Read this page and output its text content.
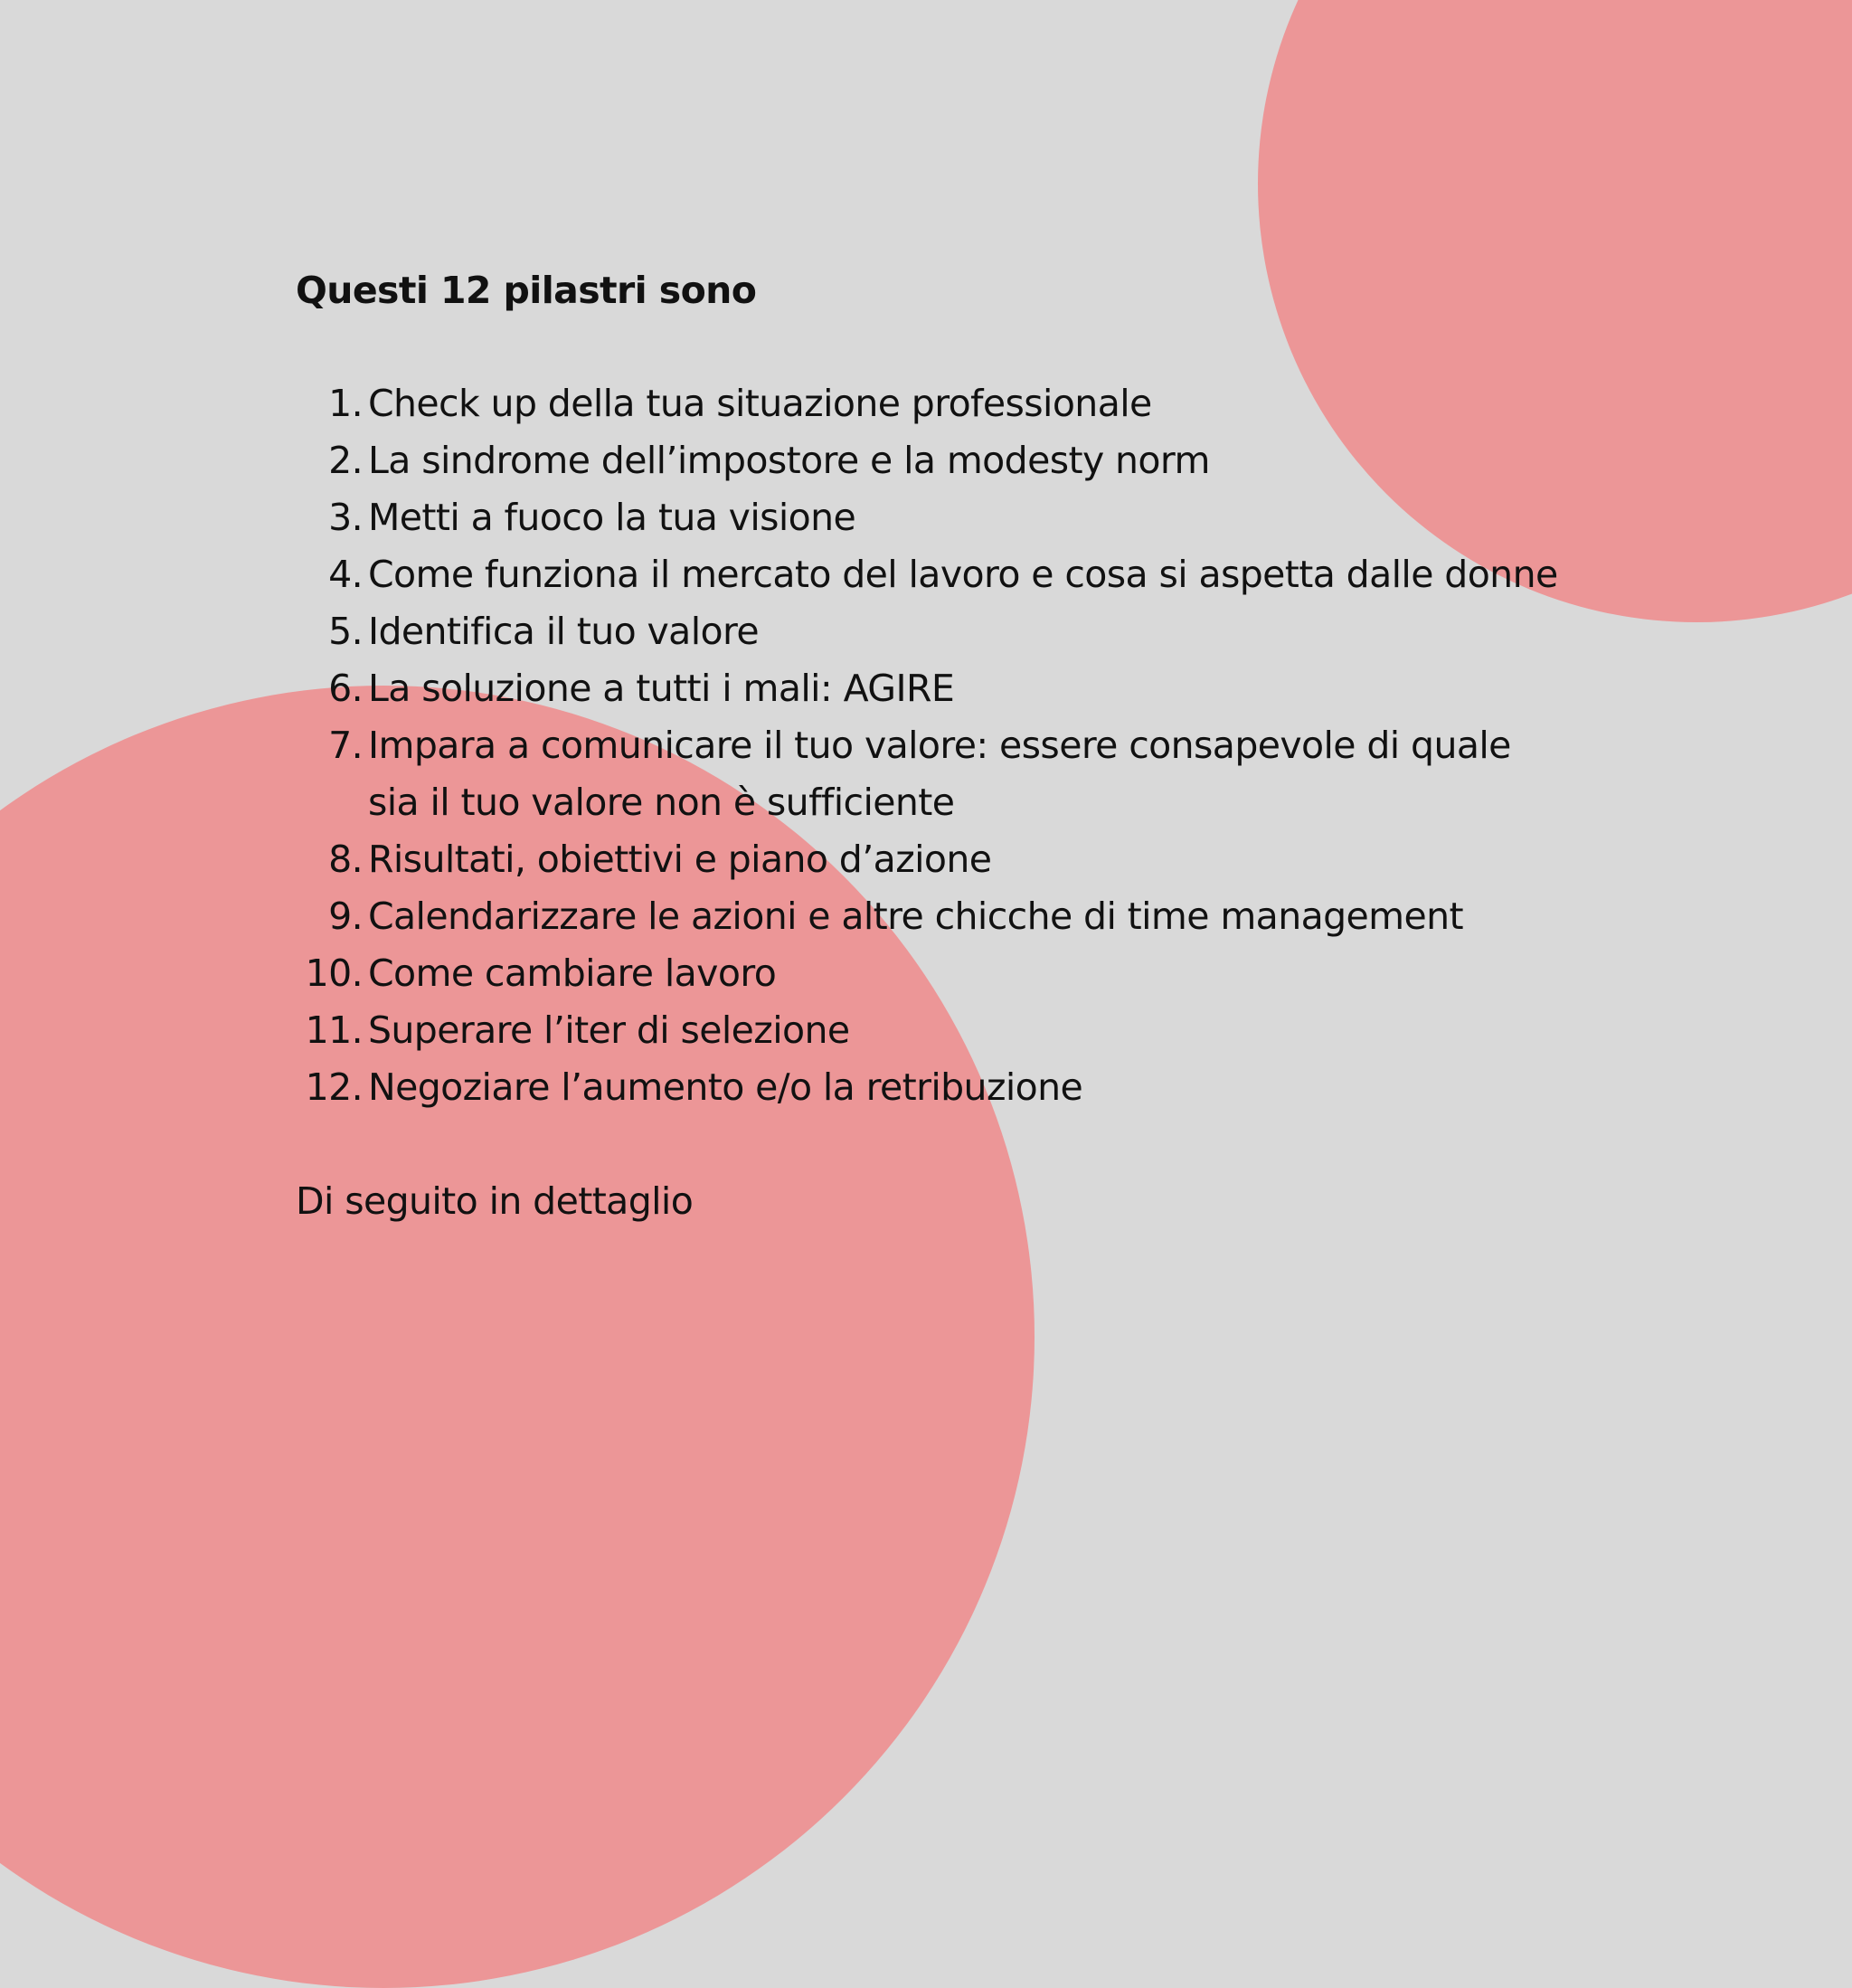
Questi 12 pilastri sono
1. Check up della tua situazione professionale
2. La sindrome dell’impostore e la modesty norm
3. Metti a fuoco la tua visione
4. Come funziona il mercato del lavoro e cosa si aspetta dalle donne
5. Identifica il tuo valore
6. La soluzione a tutti i mali: AGIRE
7. Impara a comunicare il tuo valore: essere consapevole di quale sia il tuo valore non è sufficiente
8. Risultati, obiettivi e piano d’azione
9. Calendarizzare le azioni e altre chicche di time management
10. Come cambiare lavoro
11. Superare l’iter di selezione
12. Negoziare l’aumento e/o la retribuzione

Di seguito in dettaglio
